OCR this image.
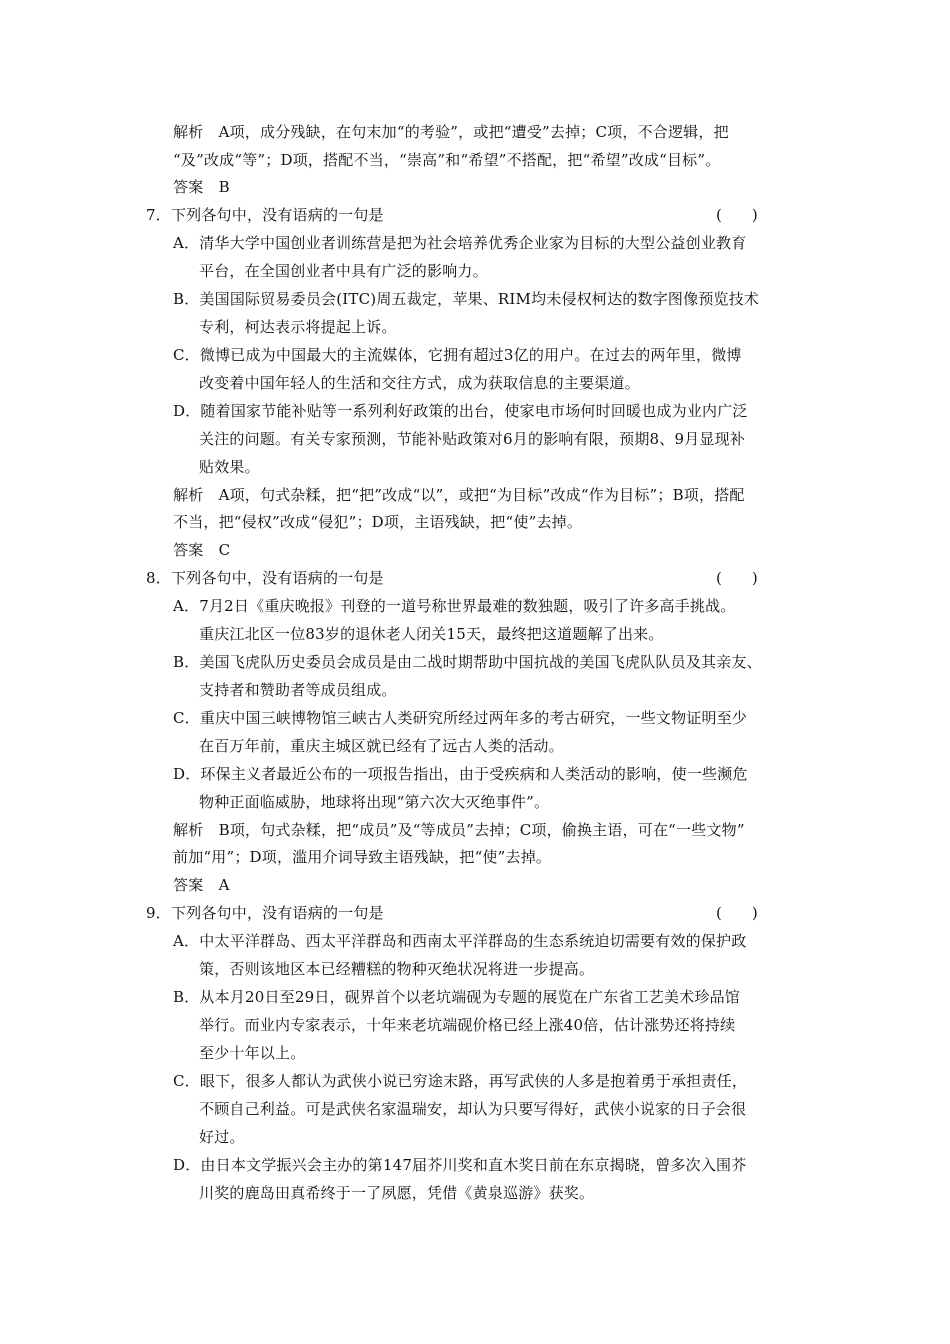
解析　A项，成分残缺，在句末加“的考验”，或把“遭受”去掉；C项，不合逻辑，把
“及”改成“等”；D项，搭配不当，“崇高”和“希望”不搭配，把“希望”改成“目标”。
答案　B
7．下列各句中，没有语病的一句是	(　　)
A．清华大学中国创业者训练营是把为社会培养优秀企业家为目标的大型公益创业教育
平台，在全国创业者中具有广泛的影响力。
B．美国国际贸易委员会(ITC)周五裁定，苹果、RIM均未侵权柯达的数字图像预览技术
专利，柯达表示将提起上诉。
C．微博已成为中国最大的主流媒体，它拥有超过3亿的用户。在过去的两年里，微博
改变着中国年轻人的生活和交往方式，成为获取信息的主要渠道。
D．随着国家节能补贴等一系列利好政策的出台，使家电市场何时回暖也成为业内广泛
关注的问题。有关专家预测，节能补贴政策对6月的影响有限，预期8、9月显现补
贴效果。
解析　A项，句式杂糅，把“把”改成“以”，或把“为目标”改成“作为目标”；B项，搭配
不当，把“侵权”改成“侵犯”；D项，主语残缺，把“使”去掉。
答案　C
8．下列各句中，没有语病的一句是	(　　)
A．7月2日《重庆晚报》刊登的一道号称世界最难的数独题，吸引了许多高手挑战。
重庆江北区一位83岁的退休老人闭关15天，最终把这道题解了出来。
B．美国飞虎队历史委员会成员是由二战时期帮助中国抗战的美国飞虎队队员及其亲友、
支持者和赞助者等成员组成。
C．重庆中国三峡博物馆三峡古人类研究所经过两年多的考古研究，一些文物证明至少
在百万年前，重庆主城区就已经有了远古人类的活动。
D．环保主义者最近公布的一项报告指出，由于受疾病和人类活动的影响，使一些濒危
物种正面临威胁，地球将出现“第六次大灭绝事件”。
解析　B项，句式杂糅，把“成员”及“等成员”去掉；C项，偷换主语，可在“一些文物”
前加“用”；D项，滥用介词导致主语残缺，把“使”去掉。
答案　A
9．下列各句中，没有语病的一句是	(　　)
A．中太平洋群岛、西太平洋群岛和西南太平洋群岛的生态系统迫切需要有效的保护政
策，否则该地区本已经糟糕的物种灭绝状况将进一步提高。
B．从本月20日至29日，砚界首个以老坑端砚为专题的展览在广东省工艺美术珍品馆
举行。而业内专家表示，十年来老坑端砚价格已经上涨40倍，估计涨势还将持续
至少十年以上。
C．眼下，很多人都认为武侠小说已穷途末路，再写武侠的人多是抱着勇于承担责任，
不顾自己利益。可是武侠名家温瑞安，却认为只要写得好，武侠小说家的日子会很
好过。
D．由日本文学振兴会主办的第147届芥川奖和直木奖日前在东京揭晓，曾多次入围芥
川奖的鹿岛田真希终于一了夙愿，凭借《黄泉巡游》获奖。
